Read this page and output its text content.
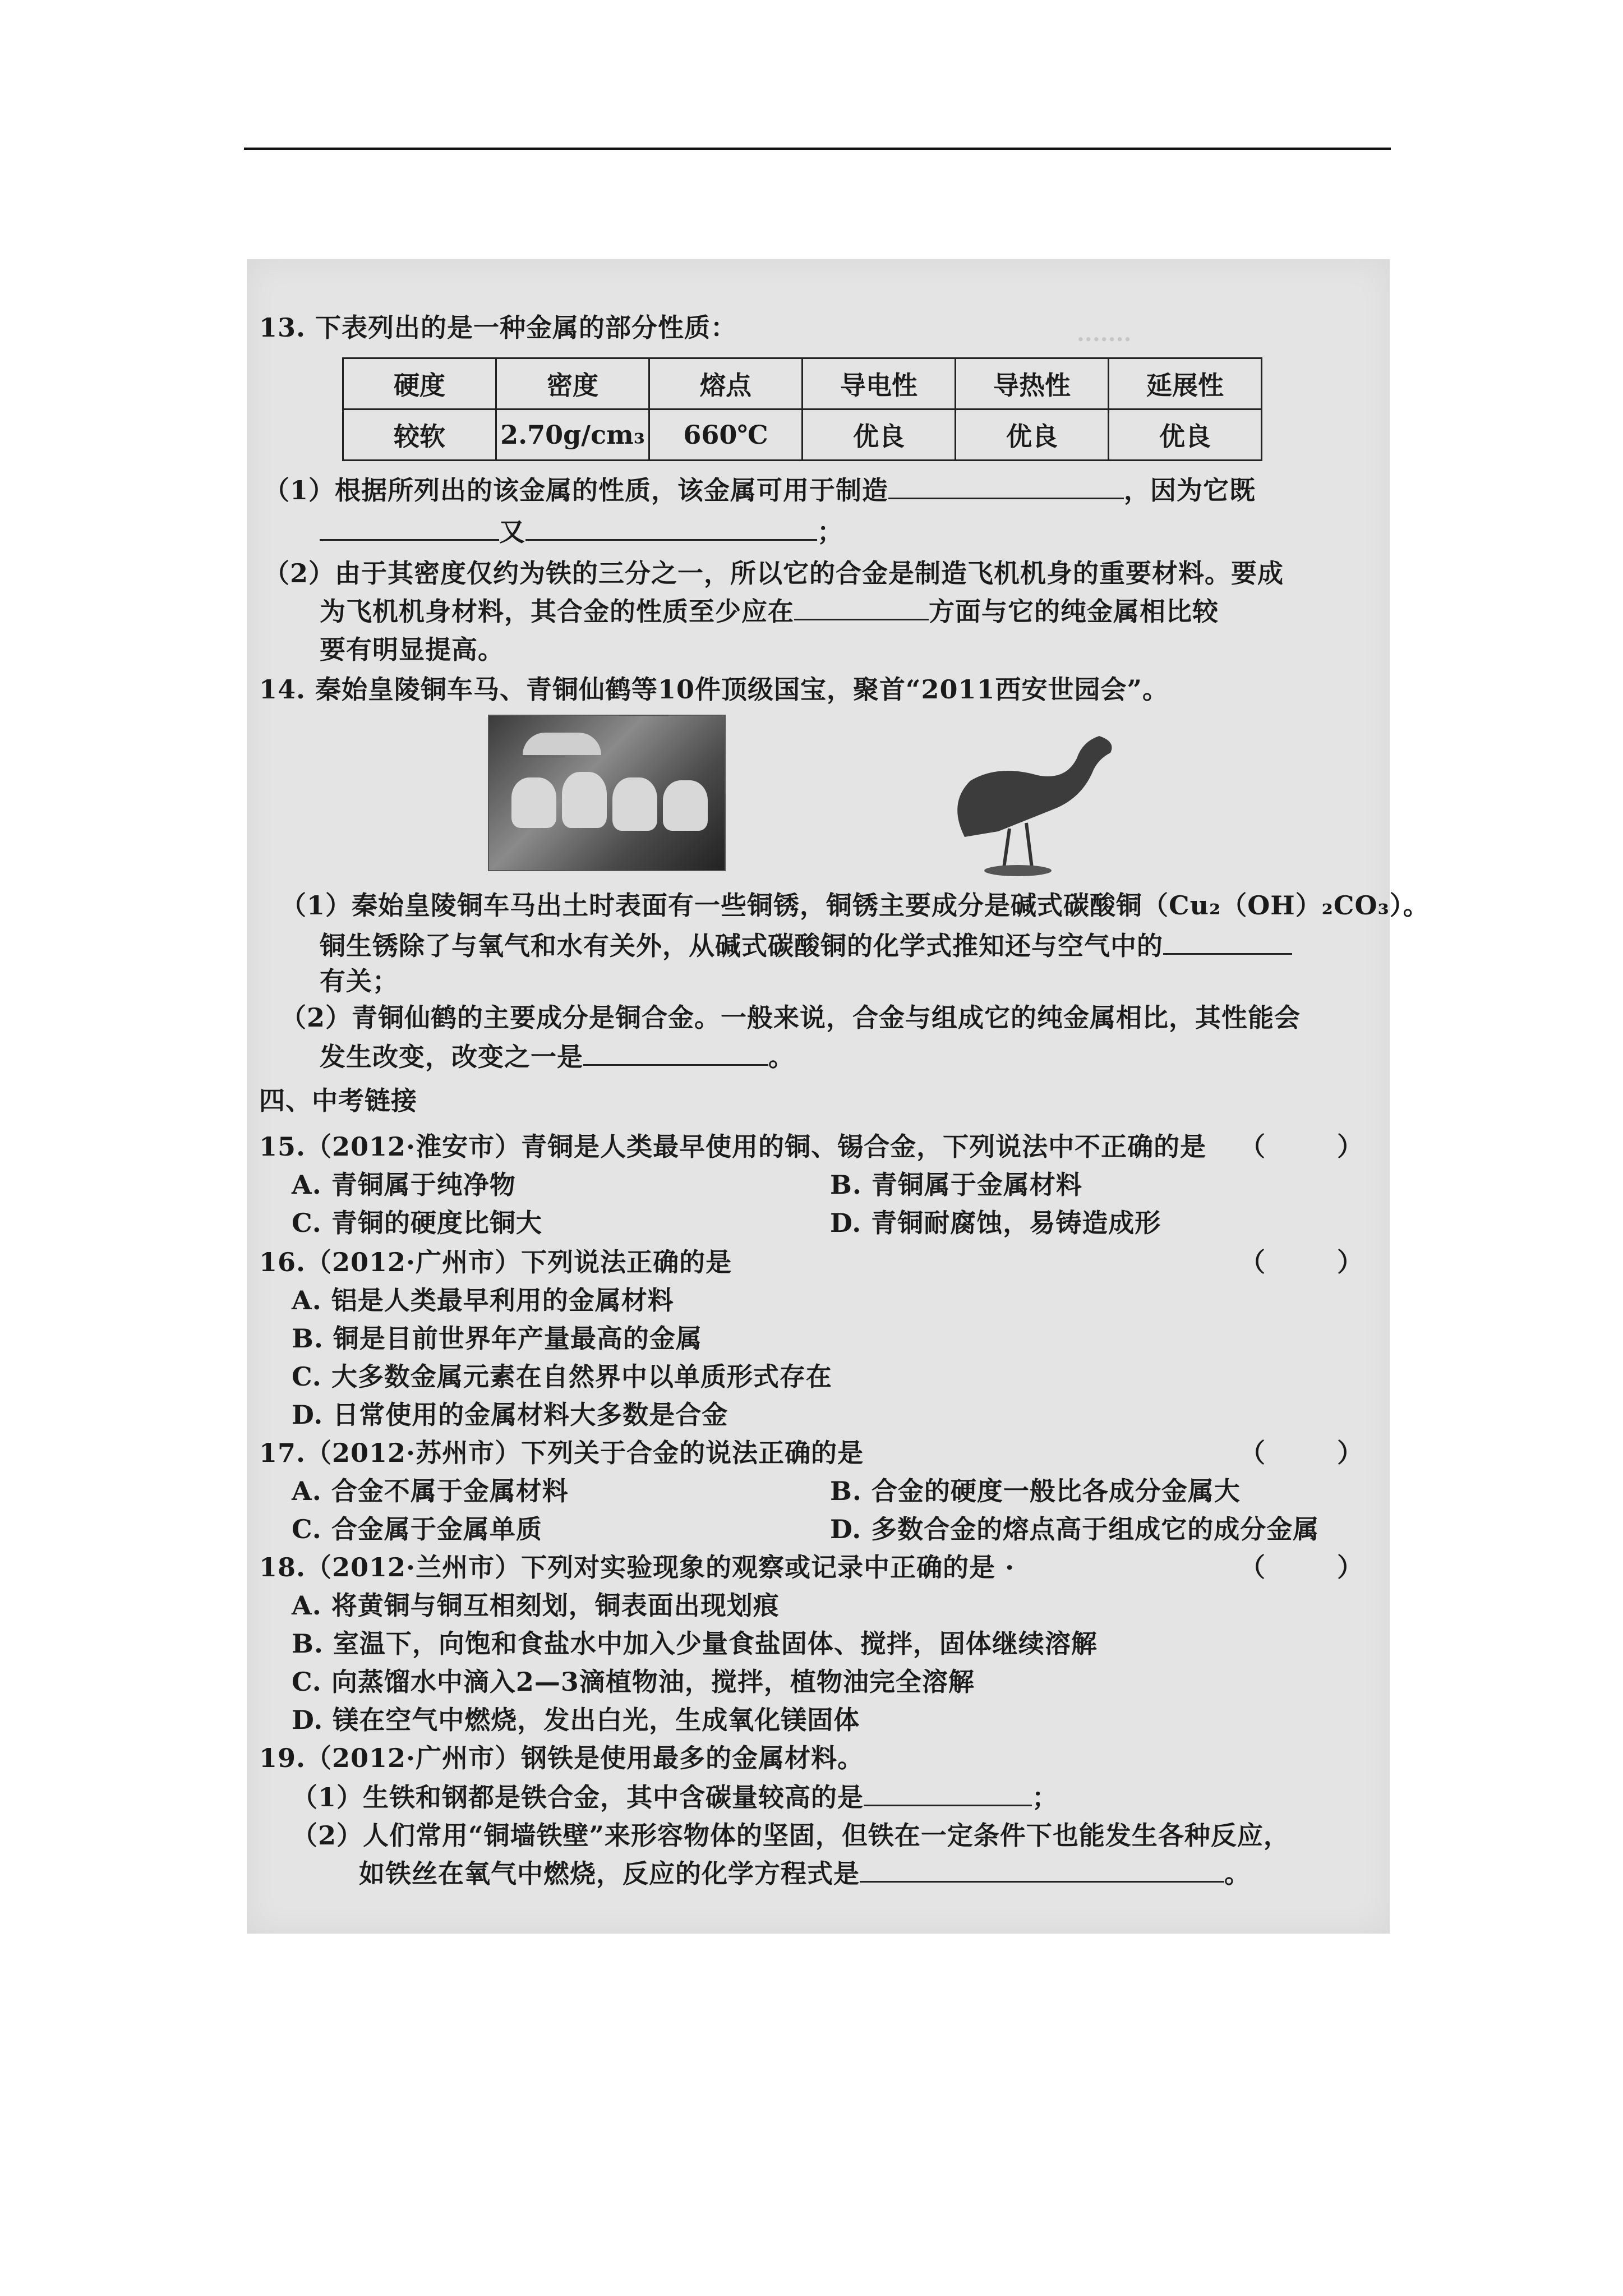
·······
13. 下表列出的是一种金属的部分性质：
硬度	密度	熔点	导电性	导热性	延展性
较软	2.70g/cm₃	660℃	优良	优良	优良
（1）根据所列出的该金属的性质，该金属可用于制造	，因为它既
又	；
（2）由于其密度仅约为铁的三分之一，所以它的合金是制造飞机机身的重要材料。要成
为飞机机身材料，其合金的性质至少应在	方面与它的纯金属相比较
要有明显提高。
14. 秦始皇陵铜车马、青铜仙鹤等10件顶级国宝，聚首“2011西安世园会”。
（1）秦始皇陵铜车马出土时表面有一些铜锈，铜锈主要成分是碱式碳酸铜（Cu₂（OH）₂CO₃）。
铜生锈除了与氧气和水有关外，从碱式碳酸铜的化学式推知还与空气中的
有关；
（2）青铜仙鹤的主要成分是铜合金。一般来说，合金与组成它的纯金属相比，其性能会
发生改变，改变之一是	。
四、中考链接
15.（2012·淮安市）青铜是人类最早使用的铜、锡合金，下列说法中不正确的是 （        ）
A. 青铜属于纯净物	B. 青铜属于金属材料
C. 青铜的硬度比铜大	D. 青铜耐腐蚀，易铸造成形
16.（2012·广州市）下列说法正确的是	（        ）
A. 铝是人类最早利用的金属材料
B. 铜是目前世界年产量最高的金属
C. 大多数金属元素在自然界中以单质形式存在
D. 日常使用的金属材料大多数是合金
17.（2012·苏州市）下列关于合金的说法正确的是	（        ）
A. 合金不属于金属材料	B. 合金的硬度一般比各成分金属大
C. 合金属于金属单质	D. 多数合金的熔点高于组成它的成分金属
18.（2012·兰州市）下列对实验现象的观察或记录中正确的是 ·	（        ）
A. 将黄铜与铜互相刻划，铜表面出现划痕
B. 室温下，向饱和食盐水中加入少量食盐固体、搅拌，固体继续溶解
C. 向蒸馏水中滴入2—3滴植物油，搅拌，植物油完全溶解
D. 镁在空气中燃烧，发出白光，生成氧化镁固体
19.（2012·广州市）钢铁是使用最多的金属材料。
（1）生铁和钢都是铁合金，其中含碳量较高的是	；
（2）人们常用“铜墙铁壁”来形容物体的坚固，但铁在一定条件下也能发生各种反应，
如铁丝在氧气中燃烧，反应的化学方程式是	。
